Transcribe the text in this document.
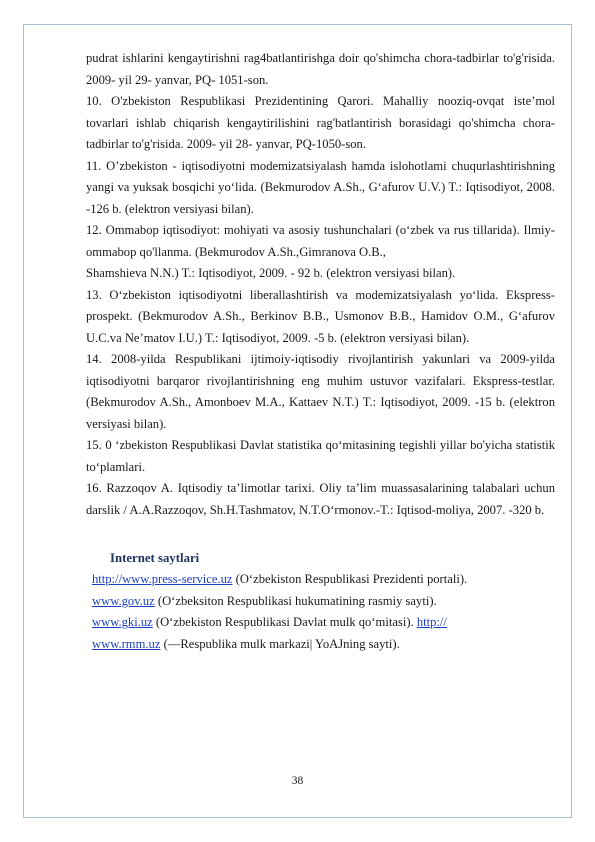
pudrat ishlarini kengaytirishni rag4batlantirishga doir qo'shimcha chora-tadbirlar to'g'risida. 2009- yil 29- yanvar, PQ- 1051-son.

10. O'zbekiston Respublikasi Prezidentining Qarori. Mahalliy nooziq-ovqat iste’mol tovarlari ishlab chiqarish kengaytirilishini rag'batlantirish borasidagi qo'shimcha chora-tadbirlar to'g'risida. 2009- yil 28- yanvar, PQ-1050-son.

11. O’zbekiston - iqtisodiyotni modemizatsiyalash hamda islohotlami chuqurlashtirishning yangi va yuksak bosqichi yo‘lida. (Bekmurodov A.Sh., G‘afurov U.V.) T.: Iqtisodiyot, 2008. -126 b. (elektron versiyasi bilan).

12. Ommabop iqtisodiyot: mohiyati va asosiy tushunchalari (o‘zbek va rus tillarida). Ilmiy-ommabop qo'llanma. (Bekmurodov A.Sh.,Gimranova O.B.,

Shamshieva N.N.) T.: Iqtisodiyot, 2009. - 92 b. (elektron versiyasi bilan).

13. O‘zbekiston iqtisodiyotni liberallashtirish va modemizatsiyalash yo‘lida. Ekspress-prospekt. (Bekmurodov A.Sh., Berkinov B.B., Usmonov B.B., Hamidov O.M., G‘afurov U.C.va Ne’matov I.U.) T.: Iqtisodiyot, 2009. -5 b. (elektron versiyasi bilan).

14. 2008-yilda Respublikani ijtimoiy-iqtisodiy rivojlantirish yakunlari va 2009-yilda iqtisodiyotni barqaror rivojlantirishning eng muhim ustuvor vazifalari. Ekspress-testlar. (Bekmurodov A.Sh., Amonboev M.A., Kattaev N.T.) T.: Iqtisodiyot, 2009. -15 b. (elektron versiyasi bilan).

15. 0 ‘zbekiston Respublikasi Davlat statistika qo‘mitasining tegishli yillar bo'yicha statistik to‘plamlari.

16. Razzoqov A. Iqtisodiy ta’limotlar tarixi. Oliy ta’lim muassasalarining talabalari uchun darslik / A.A.Razzoqov, Sh.H.Tashmatov, N.T.O‘rmonov.-T.: Iqtisod-moliya, 2007. -320 b.

Internet saytlari

http://www.press-service.uz (O‘zbekiston Respublikasi Prezidenti portali).

www.gov.uz (O‘zbeksiton Respublikasi hukumatining rasmiy sayti).

www.gki.uz (O‘zbekiston Respublikasi Davlat mulk qo‘mitasi). http://

www.rmm.uz (—Respublika mulk markazi| YoAJning sayti).

38
